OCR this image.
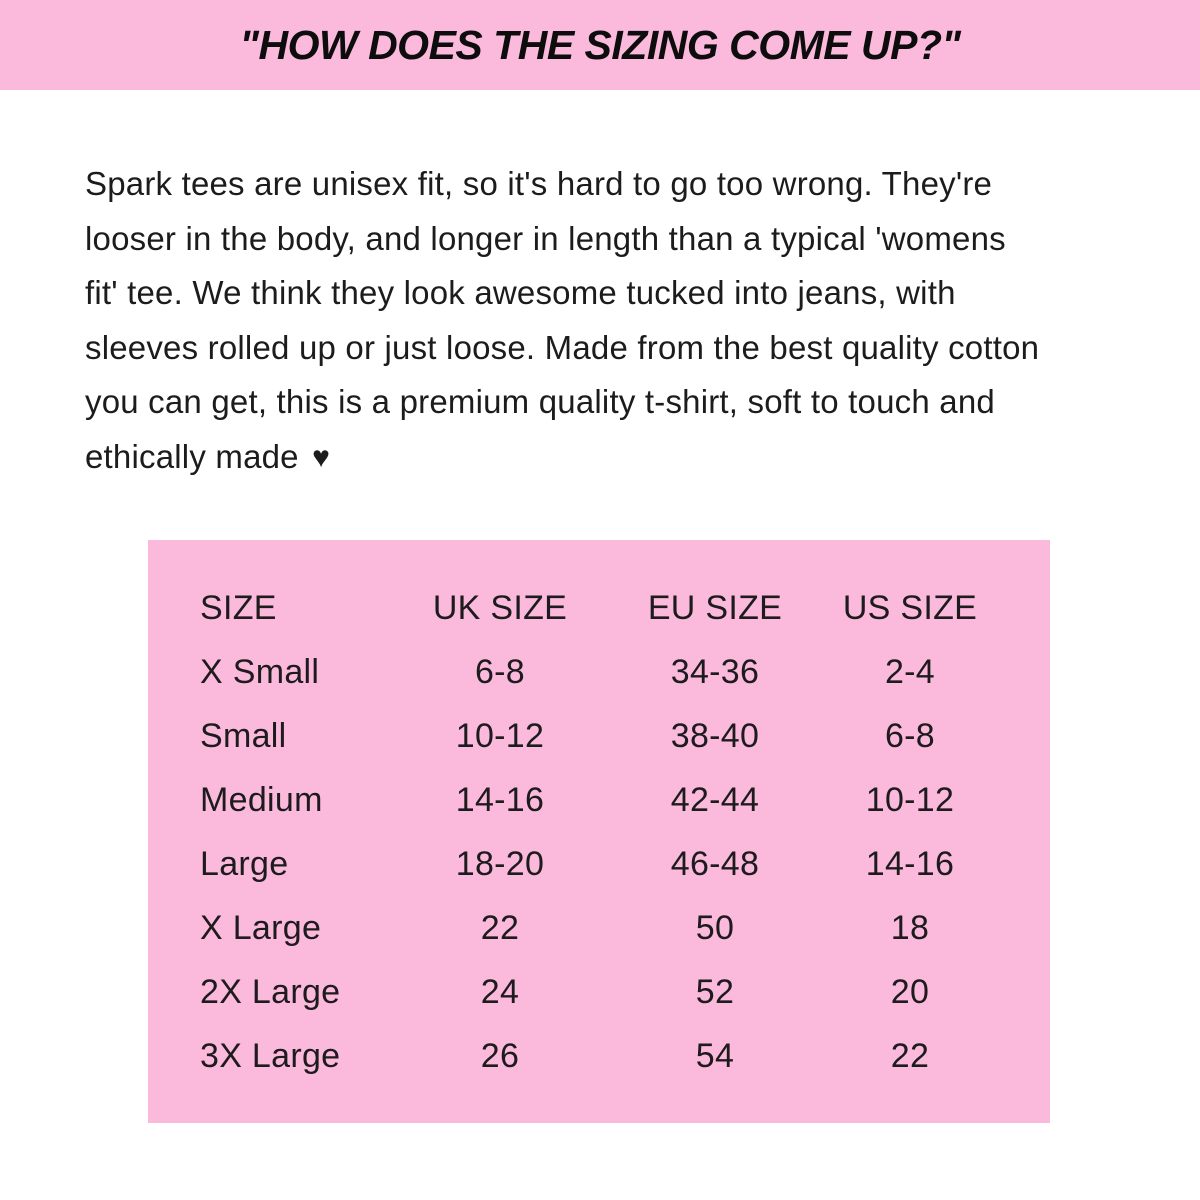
"HOW DOES THE SIZING COME UP?"
Spark tees are unisex fit, so it's hard to go too wrong. They're
looser in the body, and longer in length than a typical 'womens
fit' tee. We think they look awesome tucked into jeans, with
sleeves rolled up or just loose. Made from the best quality cotton
you can get, this is a premium quality t-shirt, soft to touch and
ethically made ♥
SIZE	UK SIZE	EU SIZE	US SIZE
X Small	6-8	34-36	2-4
Small	10-12	38-40	6-8
Medium	14-16	42-44	10-12
Large	18-20	46-48	14-16
X Large	22	50	18
2X Large	24	52	20
3X Large	26	54	22
